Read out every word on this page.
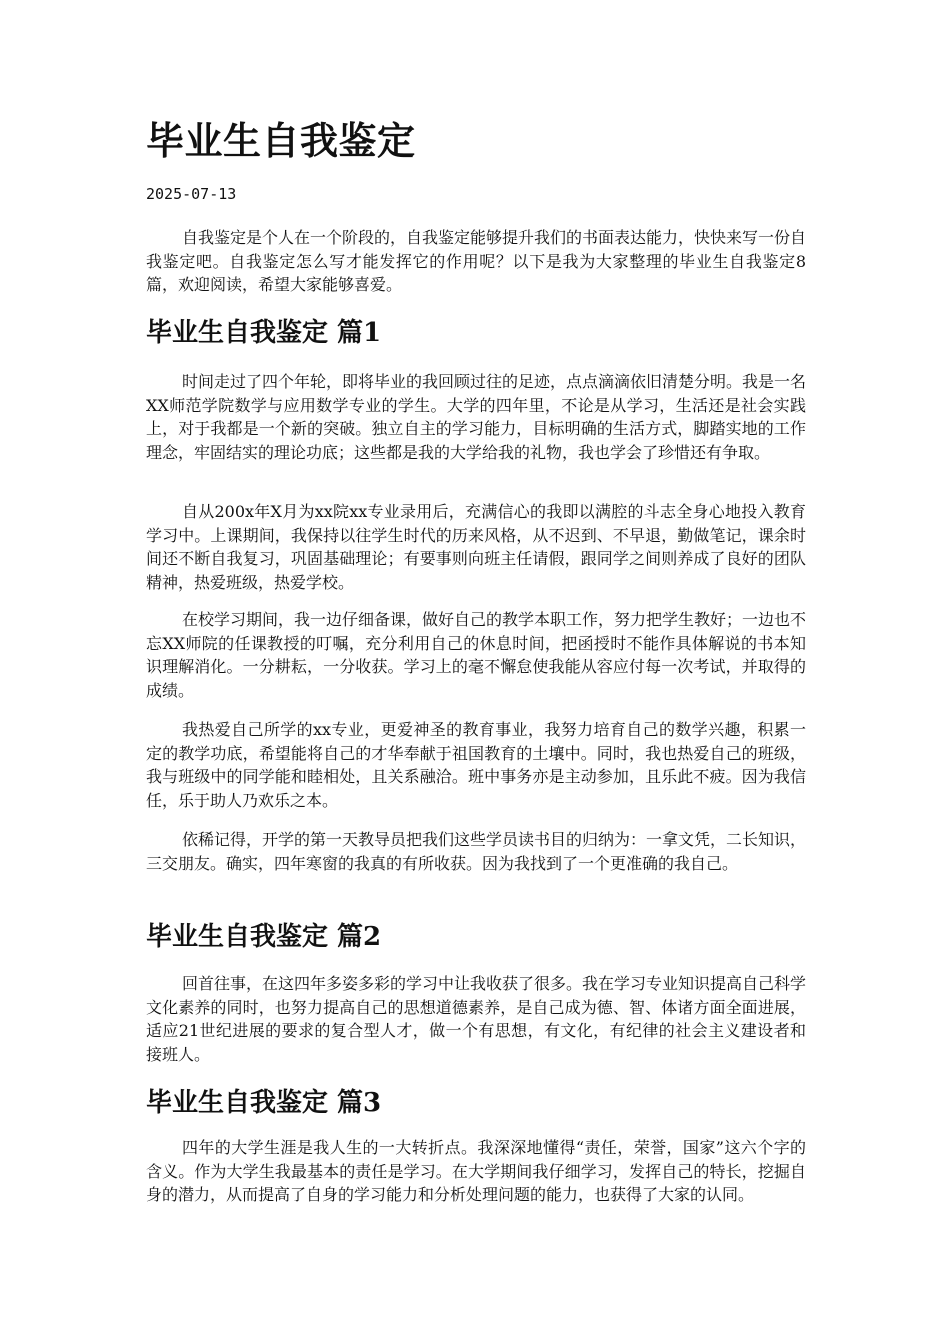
毕业生自我鉴定
2025-07-13

自我鉴定是个人在一个阶段的，自我鉴定能够提升我们的书面表达能力，快快来写一份自我鉴定吧。自我鉴定怎么写才能发挥它的作用呢？以下是我为大家整理的毕业生自我鉴定8篇，欢迎阅读，希望大家能够喜爱。

毕业生自我鉴定 篇1

时间走过了四个年轮，即将毕业的我回顾过往的足迹，点点滴滴依旧清楚分明。我是一名XX师范学院数学与应用数学专业的学生。大学的四年里，不论是从学习，生活还是社会实践上，对于我都是一个新的突破。独立自主的学习能力，目标明确的生活方式，脚踏实地的工作理念，牢固结实的理论功底；这些都是我的大学给我的礼物，我也学会了珍惜还有争取。

自从200x年X月为xx院xx专业录用后，充满信心的我即以满腔的斗志全身心地投入教育学习中。上课期间，我保持以往学生时代的历来风格，从不迟到、不早退，勤做笔记，课余时间还不断自我复习，巩固基础理论；有要事则向班主任请假，跟同学之间则养成了良好的团队精神，热爱班级，热爱学校。

在校学习期间，我一边仔细备课，做好自己的教学本职工作，努力把学生教好；一边也不忘XX师院的任课教授的叮嘱，充分利用自己的休息时间，把函授时不能作具体解说的书本知识理解消化。一分耕耘，一分收获。学习上的毫不懈怠使我能从容应付每一次考试，并取得的成绩。

我热爱自己所学的xx专业，更爱神圣的教育事业，我努力培育自己的数学兴趣，积累一定的教学功底，希望能将自己的才华奉献于祖国教育的土壤中。同时，我也热爱自己的班级，我与班级中的同学能和睦相处，且关系融洽。班中事务亦是主动参加，且乐此不疲。因为我信任，乐于助人乃欢乐之本。

依稀记得，开学的第一天教导员把我们这些学员读书目的归纳为：一拿文凭，二长知识，三交朋友。确实，四年寒窗的我真的有所收获。因为我找到了一个更准确的我自己。

毕业生自我鉴定 篇2

回首往事，在这四年多姿多彩的学习中让我收获了很多。我在学习专业知识提高自己科学文化素养的同时，也努力提高自己的思想道德素养，是自己成为德、智、体诸方面全面进展，适应21世纪进展的要求的复合型人才，做一个有思想，有文化，有纪律的社会主义建设者和接班人。

毕业生自我鉴定 篇3

四年的大学生涯是我人生的一大转折点。我深深地懂得“责任，荣誉，国家”这六个字的含义。作为大学生我最基本的责任是学习。在大学期间我仔细学习，发挥自己的特长，挖掘自身的潜力，从而提高了自身的学习能力和分析处理问题的能力，也获得了大家的认同。
